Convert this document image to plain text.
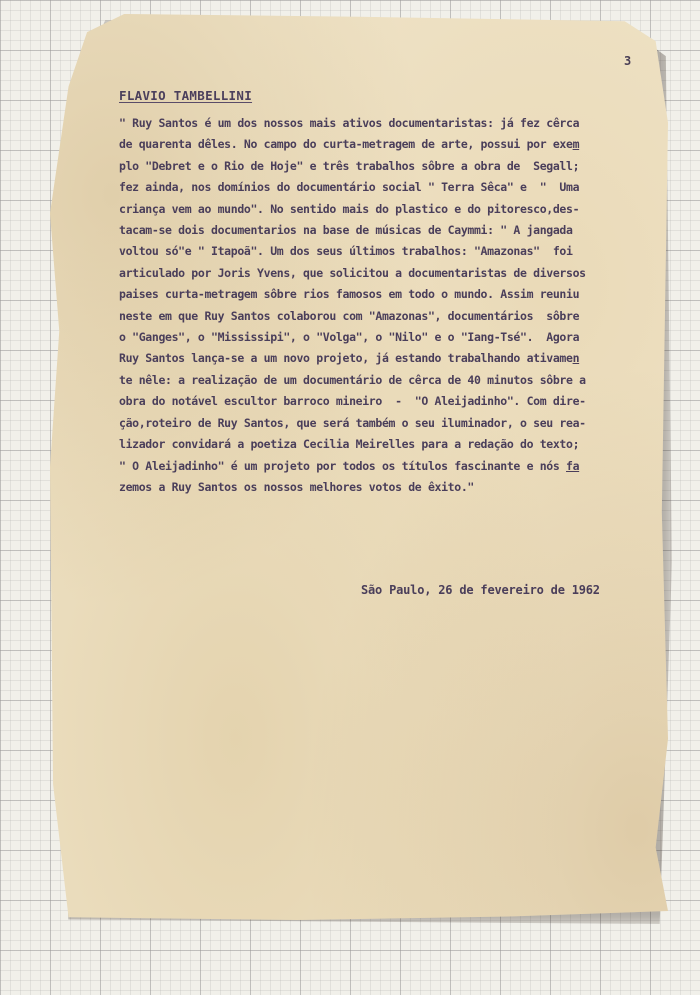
3
FLAVIO TAMBELLINI
" Ruy Santos é um dos nossos mais ativos documentaristas: já fez cêrca
de quarenta dêles. No campo do curta-metragem de arte, possui por exem
plo "Debret e o Rio de Hoje" e três trabalhos sôbre a obra de  Segall;
fez ainda, nos domínios do documentário social " Terra Sêca" e  "  Uma
criança vem ao mundo". No sentido mais do plastico e do pitoresco,des-
tacam-se dois documentarios na base de músicas de Caymmi: " A jangada
voltou só"e " Itapoã". Um dos seus últimos trabalhos: "Amazonas"  foi
articulado por Joris Yvens, que solicitou a documentaristas de diversos
paises curta-metragem sôbre rios famosos em todo o mundo. Assim reuniu
neste em que Ruy Santos colaborou com "Amazonas", documentários  sôbre
o "Ganges", o "Mississipi", o "Volga", o "Nilo" e o "Iang-Tsé".  Agora
Ruy Santos lança-se a um novo projeto, já estando trabalhando ativamen
te nêle: a realização de um documentário de cêrca de 40 minutos sôbre a
obra do notável escultor barroco mineiro  -  "O Aleijadinho". Com dire-
ção,roteiro de Ruy Santos, que será também o seu iluminador, o seu rea-
lizador convidará a poetiza Cecilia Meirelles para a redação do texto;
" O Aleijadinho" é um projeto por todos os títulos fascinante e nós fa
zemos a Ruy Santos os nossos melhores votos de êxito."
São Paulo, 26 de fevereiro de 1962
